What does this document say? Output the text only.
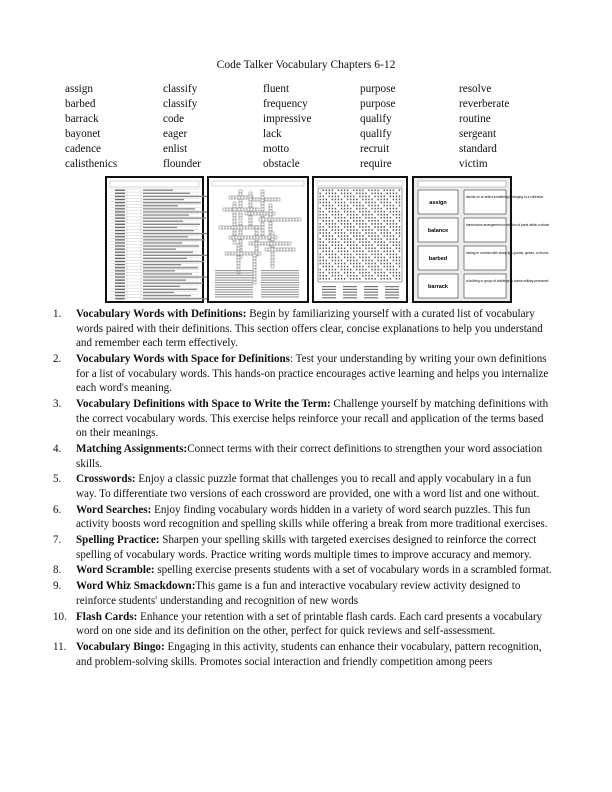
Code Talker Vocabulary Chapters 6-12
assign
barbed
barrack
bayonet
cadence
calisthenics
classify
classify
code
eager
enlist
flounder
fluent
frequency
impressive
lack
motto
obstacle
purpose
purpose
qualify
qualify
recruit
require
resolve
reverberate
routine
sergeant
standard
victim
assign
decide on or select something belonging to a collective
balance
harmonious arrangement or relation of parts within a whole
barbed
having or covered with sharp tips (points, spines, or thorns
barrack
a building or group of buildings to house military personnel
1. Vocabulary Words with Definitions: Begin by familiarizing yourself with a curated list of vocabulary words paired with their definitions. This section offers clear, concise explanations to help you understand and remember each term effectively.
2. Vocabulary Words with Space for Definitions: Test your understanding by writing your own definitions for a list of vocabulary words. This hands-on practice encourages active learning and helps you internalize each word's meaning.
3. Vocabulary Definitions with Space to Write the Term: Challenge yourself by matching definitions with the correct vocabulary words. This exercise helps reinforce your recall and application of the terms based on their meanings.
4. Matching Assignments:Connect terms with their correct definitions to strengthen your word association skills.
5. Crosswords: Enjoy a classic puzzle format that challenges you to recall and apply vocabulary in a fun way. To differentiate two versions of each crossword are provided, one with a word list and one without.
6. Word Searches: Enjoy finding vocabulary words hidden in a variety of word search puzzles. This fun activity boosts word recognition and spelling skills while offering a break from more traditional exercises.
7. Spelling Practice: Sharpen your spelling skills with targeted exercises designed to reinforce the correct spelling of vocabulary words. Practice writing words multiple times to improve accuracy and memory.
8. Word Scramble: spelling exercise presents students with a set of vocabulary words in a scrambled format.
9. Word Whiz Smackdown:This game is a fun and interactive vocabulary review activity designed to reinforce students' understanding and recognition of new words
10. Flash Cards: Enhance your retention with a set of printable flash cards. Each card presents a vocabulary word on one side and its definition on the other, perfect for quick reviews and self-assessment.
11. Vocabulary Bingo: Engaging in this activity, students can enhance their vocabulary, pattern recognition, and problem-solving skills. Promotes social interaction and friendly competition among peers
